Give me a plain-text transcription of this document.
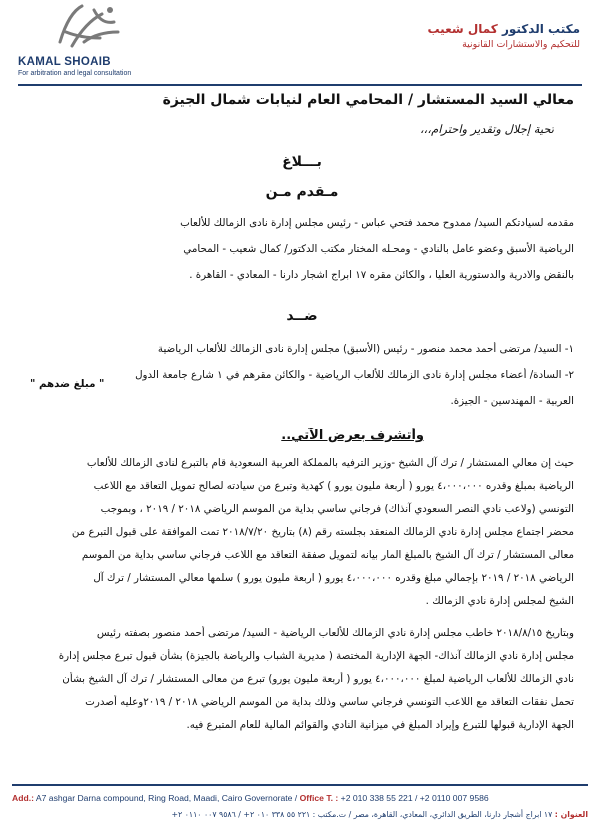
KAMAL SHOAIB
For arbitration and legal consultation
مكتب الدكتور كمال شعيب
للتحكيم والاستشارات القانونية
معالي السيد المستشار / المحامي العام لنيابات شمال الجيزة
تحية إجلال وتقدير واحترام،،،
بـــلاغ
مـقدم مـن
مقدمه لسيادتكم السيد/ ممدوح محمد فتحي عباس - رئيس مجلس إدارة نادى الزمالك للألعاب
الرياضية الأسبق وعضو عامل بالنادي - ومحـله المختار مكتب الدكتور/ كمال شعيب - المحامي
بالنقض والادرية والدستورية العليا ، والكائن مقره ١٧ ابراج اشجار دارنا - المعادي - القاهرة .
ضــد
١- السيد/ مرتضى أحمد محمد منصور - رئيس (الأسبق) مجلس إدارة نادى الزمالك للألعاب الرياضية
٢- السادة/ أعضاء مجلس إدارة نادى الزمالك للألعاب الرياضية - والكائن مقرهم في ١ شارع جامعة الدول
العربية - المهندسين - الجيزة.
" مبلغ ضدهم "
وأتشرف بعرض الآتي..
حيث إن معالي المستشار / ترك آل الشيخ -وزير الترفيه بالمملكة العربية السعودية قام بالتبرع لنادى الزمالك للألعاب
الرياضية بمبلغ وقدره ٤،٠٠٠،٠٠٠ يورو ( أربعة مليون يورو ) كهدية وتبرع من سيادته لصالح تمويل التعاقد مع اللاعب
التونسي (ولاعب نادي النصر السعودي آنذاك) فرجاني ساسي بداية من الموسم الرياضي ٢٠١٨ / ٢٠١٩ ، وبموجب
محضر اجتماع مجلس إدارة نادي الزمالك المنعقد بجلسته رقم (٨) بتاريخ ٢٠١٨/٧/٢٠ تمت الموافقة على قبول التبرع من
معالى المستشار / ترك آل الشيخ بالمبلغ المار بيانه لتمويل صفقة التعاقد مع اللاعب فرجاني ساسي بداية من الموسم
الرياضي ٢٠١٨ / ٢٠١٩ بإجمالي مبلغ وقدره ٤،٠٠٠،٠٠٠ يورو ( اربعة مليون يورو ) سلمها معالي المستشار / ترك آل
الشيخ لمجلس إدارة نادي الزمالك .
وبتاريخ ٢٠١٨/٨/١٥ خاطب مجلس إدارة نادي الزمالك للألعاب الرياضية - السيد/ مرتضى أحمد منصور بصفته رئيس
مجلس إدارة نادي الزمالك آنذاك- الجهة الإدارية المختصة ( مديرية الشباب والرياضة بالجيزة) بشأن قبول تبرع مجلس إدارة
نادي الزمالك للألعاب الرياضية لمبلغ ٤،٠٠٠،٠٠٠ يورو ( أربعة مليون يورو) تبرع من معالى المستشار / ترك آل الشيخ بشأن
تحمل نفقات التعاقد مع اللاعب التونسي فرجاني ساسي وذلك بداية من الموسم الرياضي ٢٠١٨ / ٢٠١٩وعليه أصدرت
الجهة الإدارية قبولها للتبرع وإيراد المبلغ في ميزانية النادي والقوائم المالية للعام المتبرع فيه.
Add.: A7 ashgar Darna compound, Ring Road, Maadi, Cairo Governorate / Office T. : +2 010 338 55 221 / +2 0110 007 9586
العنوان : ١٧ ابراج أشجار دارنا، الطريق الدائري، المعادي، القاهرة، مصر / ت.مكتب : ٢٢١ ٥٥ ٣٣٨ ٠١٠ ٢+ / ٩٥٨٦ ٠٠٧ ٠١١٠ ٢+
